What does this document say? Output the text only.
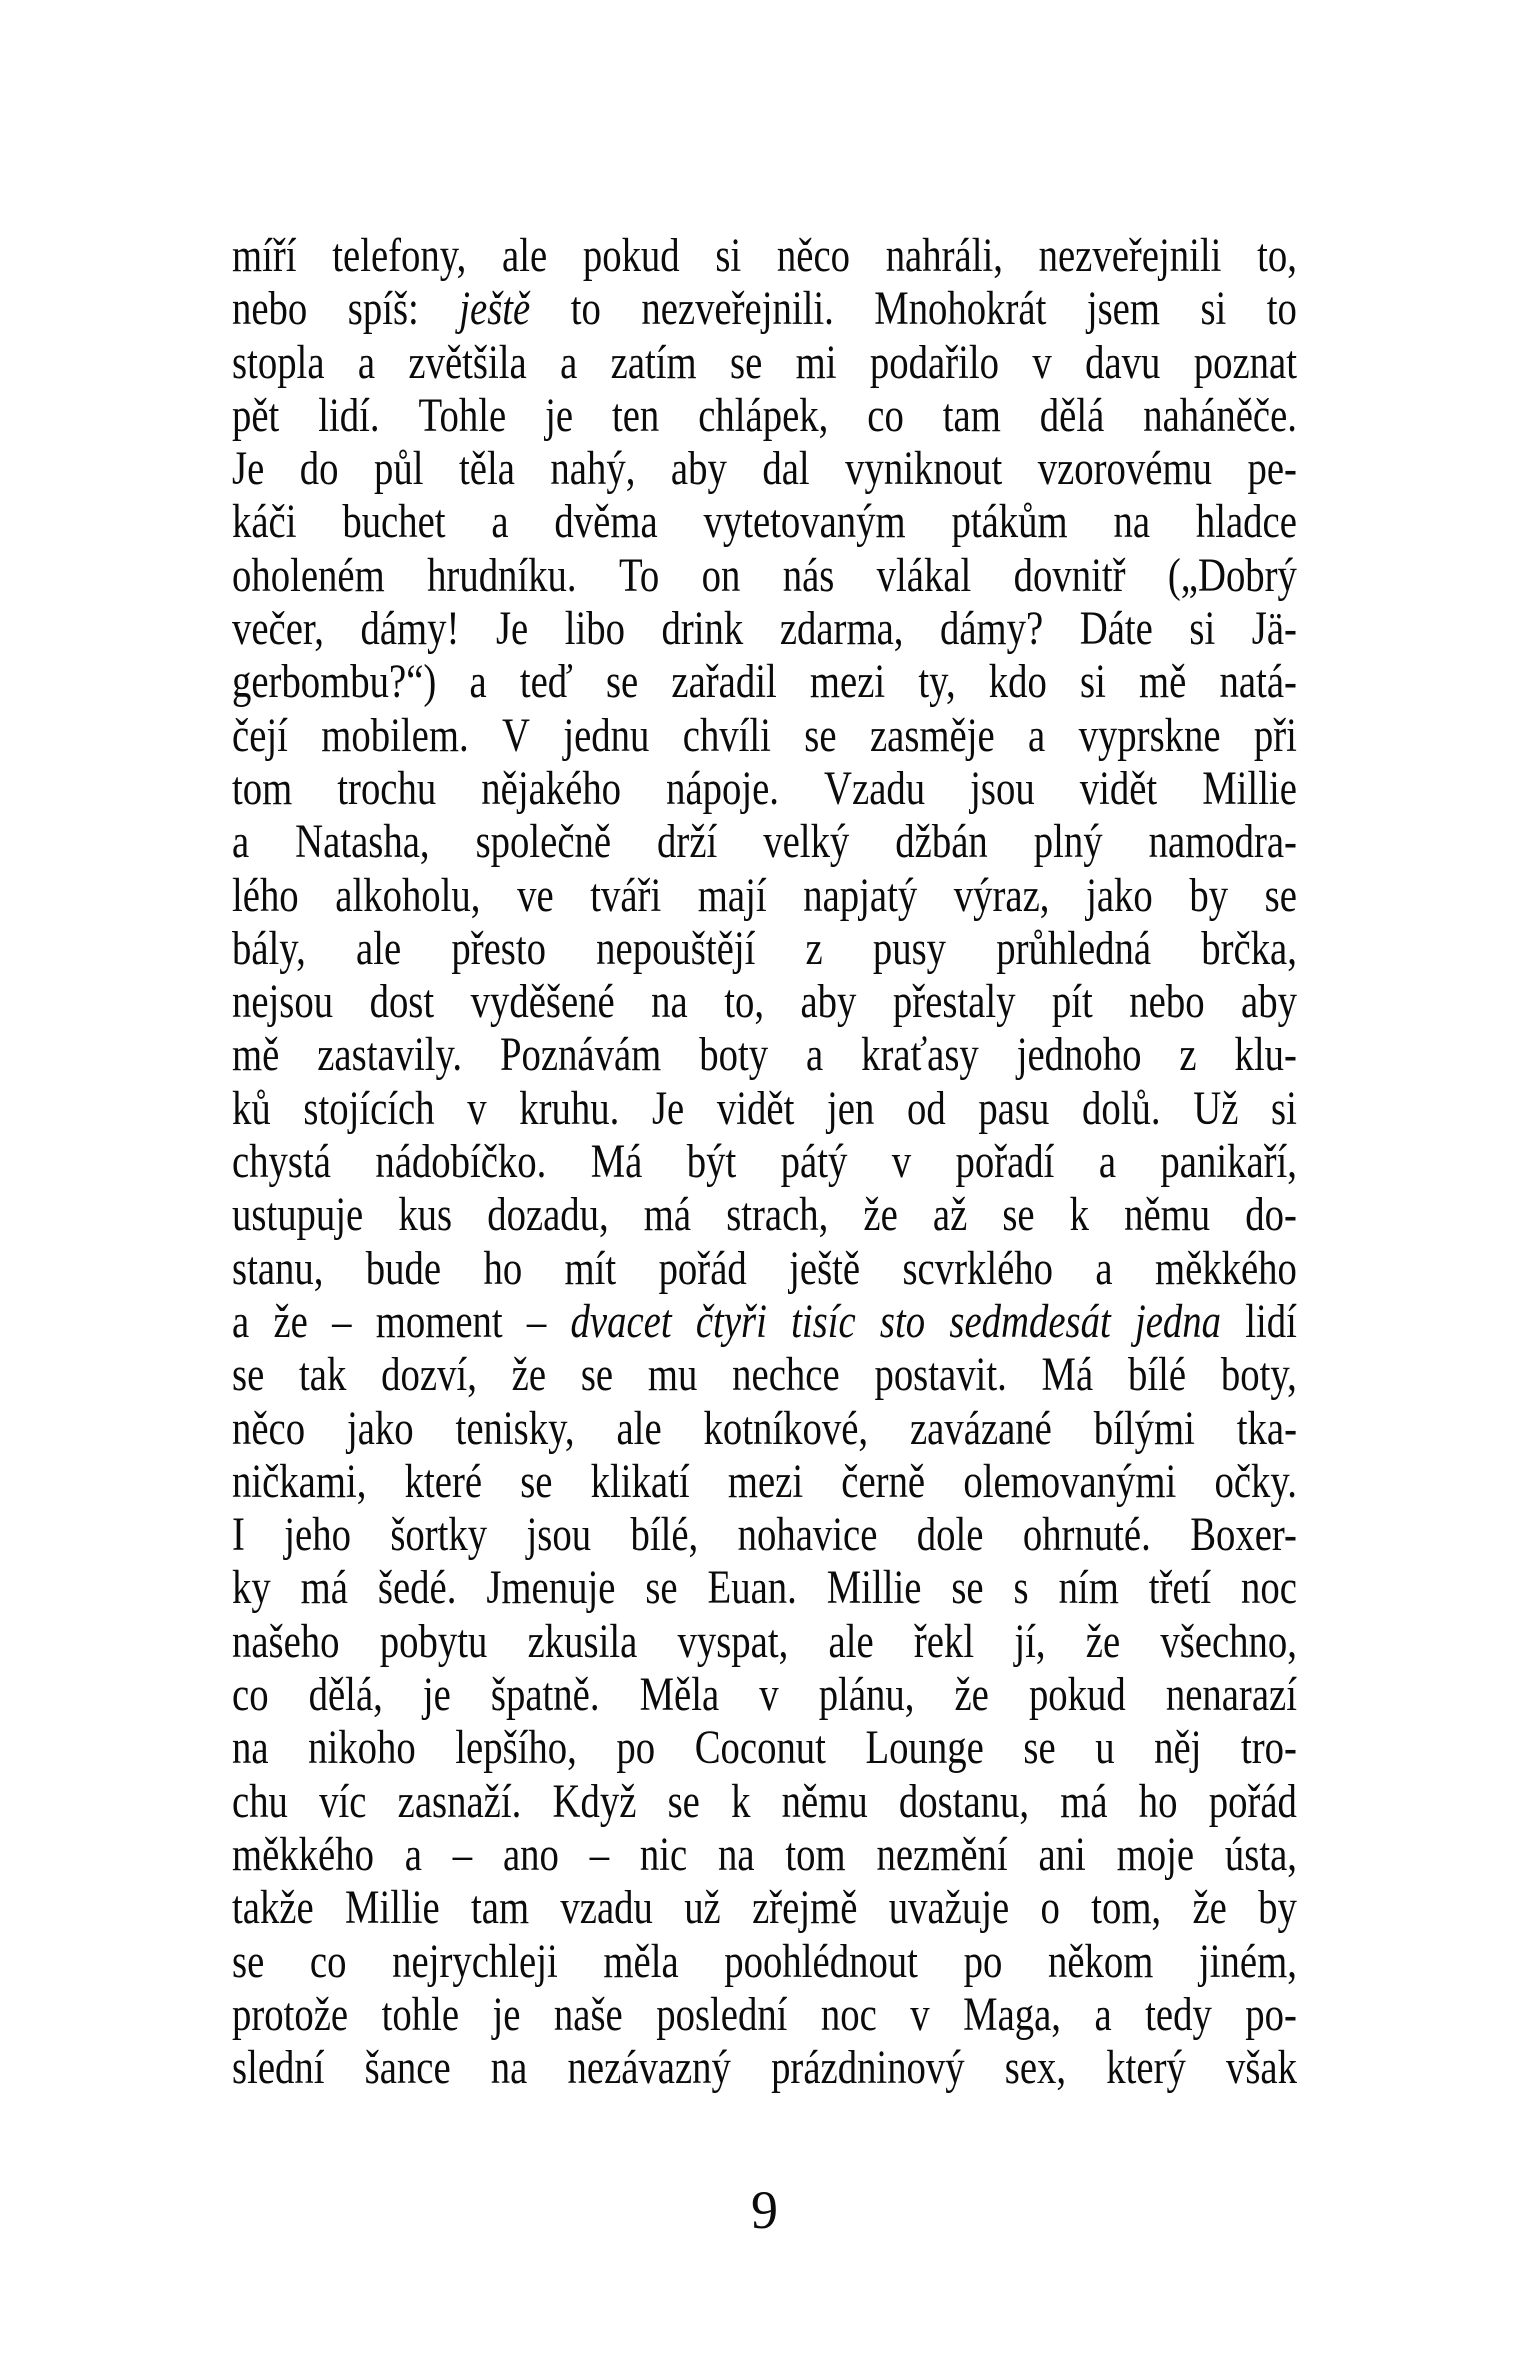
míří telefony, ale pokud si něco nahráli, nezveřejnili to,
nebo spíš: ještě to nezveřejnili. Mnohokrát jsem si to
stopla a zvětšila a zatím se mi podařilo v davu poznat
pět lidí. Tohle je ten chlápek, co tam dělá naháněče.
Je do půl těla nahý, aby dal vyniknout vzorovému pe-
káči buchet a dvěma vytetovaným ptákům na hladce
oholeném hrudníku. To on nás vlákal dovnitř („Dobrý
večer, dámy! Je libo drink zdarma, dámy? Dáte si Jä-
gerbombu?“) a teď se zařadil mezi ty, kdo si mě natá-
čejí mobilem. V jednu chvíli se zasměje a vyprskne při
tom trochu nějakého nápoje. Vzadu jsou vidět Millie
a Natasha, společně drží velký džbán plný namodra-
lého alkoholu, ve tváři mají napjatý výraz, jako by se
bály, ale přesto nepouštějí z pusy průhledná brčka,
nejsou dost vyděšené na to, aby přestaly pít nebo aby
mě zastavily. Poznávám boty a kraťasy jednoho z klu-
ků stojících v kruhu. Je vidět jen od pasu dolů. Už si
chystá nádobíčko. Má být pátý v pořadí a panikaří,
ustupuje kus dozadu, má strach, že až se k němu do-
stanu, bude ho mít pořád ještě scvrklého a měkkého
a že – moment – dvacet čtyři tisíc sto sedmdesát jedna lidí
se tak dozví, že se mu nechce postavit. Má bílé boty,
něco jako tenisky, ale kotníkové, zavázané bílými tka-
ničkami, které se klikatí mezi černě olemovanými očky.
I jeho šortky jsou bílé, nohavice dole ohrnuté. Boxer-
ky má šedé. Jmenuje se Euan. Millie se s ním třetí noc
našeho pobytu zkusila vyspat, ale řekl jí, že všechno,
co dělá, je špatně. Měla v plánu, že pokud nenarazí
na nikoho lepšího, po Coconut Lounge se u něj tro-
chu víc zasnaží. Když se k němu dostanu, má ho pořád
měkkého a – ano – nic na tom nezmění ani moje ústa,
takže Millie tam vzadu už zřejmě uvažuje o tom, že by
se co nejrychleji měla poohlédnout po někom jiném,
protože tohle je naše poslední noc v Maga, a tedy po-
slední šance na nezávazný prázdninový sex, který však
9
